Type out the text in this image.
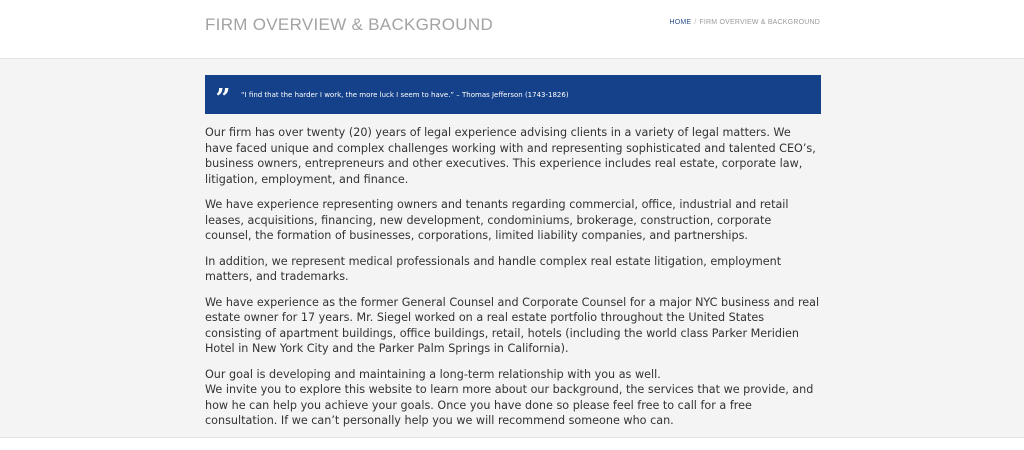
FIRM OVERVIEW & BACKGROUND	HOME / FIRM OVERVIEW & BACKGROUND
”	“I find that the harder I work, the more luck I seem to have.” – Thomas Jefferson (1743-1826)

Our firm has over twenty (20) years of legal experience advising clients in a variety of legal matters. We have faced unique and complex challenges working with and representing sophisticated and talented CEO’s, business owners, entrepreneurs and other executives. This experience includes real estate, corporate law, litigation, employment, and finance.

We have experience representing owners and tenants regarding commercial, office, industrial and retail leases, acquisitions, financing, new development, condominiums, brokerage, construction, corporate counsel, the formation of businesses, corporations, limited liability companies, and partnerships.

In addition, we represent medical professionals and handle complex real estate litigation, employment matters, and trademarks.

We have experience as the former General Counsel and Corporate Counsel for a major NYC business and real estate owner for 17 years. Mr. Siegel worked on a real estate portfolio throughout the United States consisting of apartment buildings, office buildings, retail, hotels (including the world class Parker Meridien Hotel in New York City and the Parker Palm Springs in California).

Our goal is developing and maintaining a long-term relationship with you as well.
We invite you to explore this website to learn more about our background, the services that we provide, and how he can help you achieve your goals. Once you have done so please feel free to call for a free consultation. If we can’t personally help you we will recommend someone who can.
